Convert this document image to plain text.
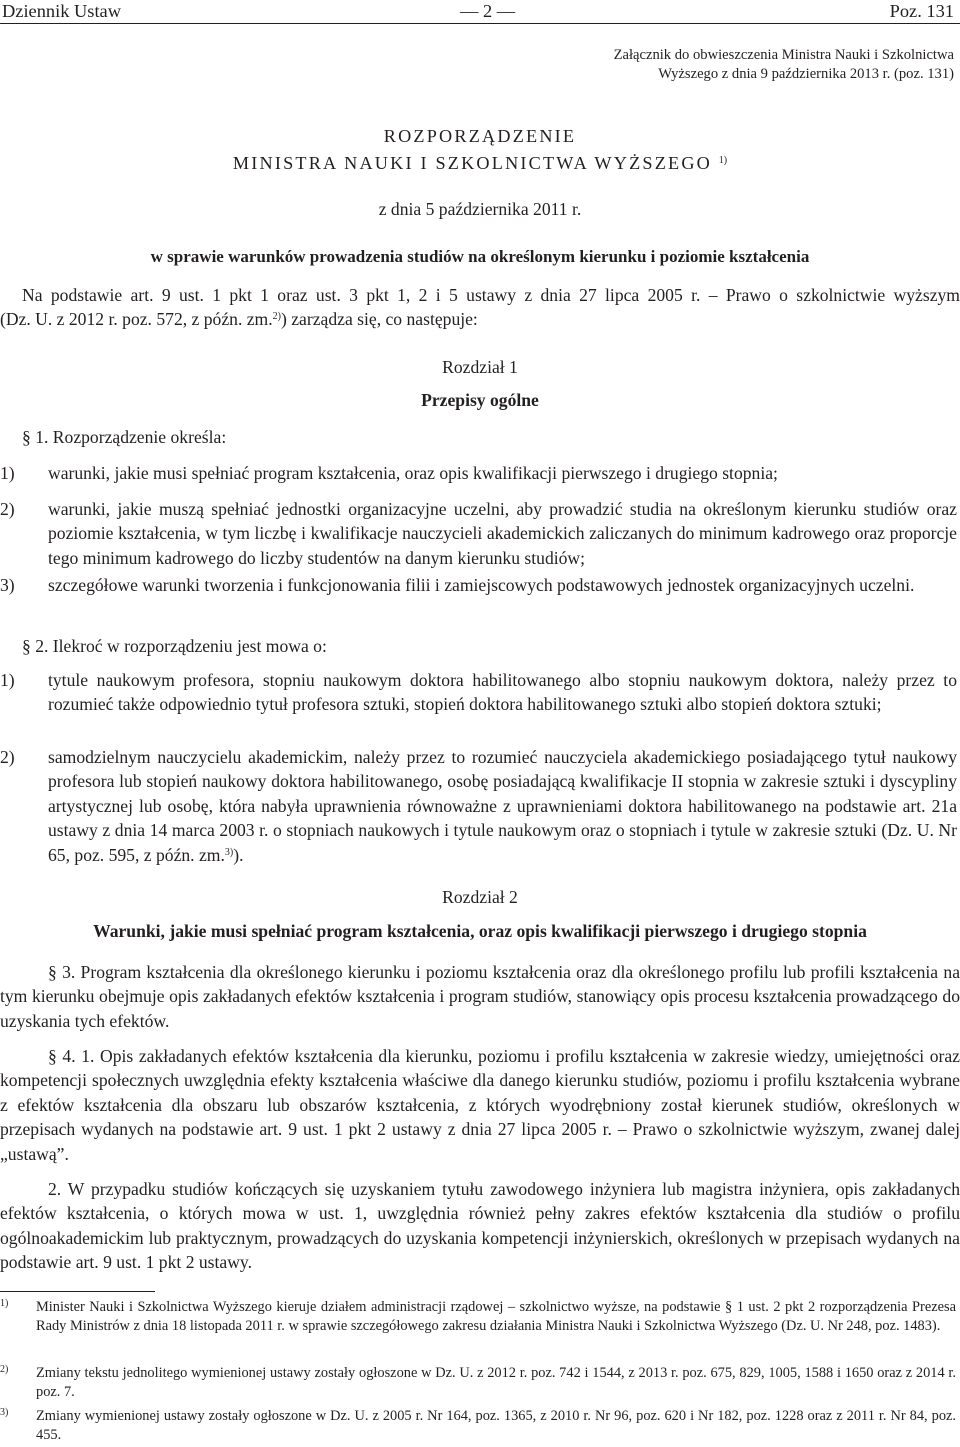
Dziennik Ustaw	— 2 —	Poz. 131
Załącznik do obwieszczenia Ministra Nauki i Szkolnictwa
Wyższego z dnia 9 października 2013 r. (poz. 131)
ROZPORZĄDZENIE
MINISTRA NAUKI I SZKOLNICTWA WYŻSZEGO $^{1)}$
z dnia 5 października 2011 r.
w sprawie warunków prowadzenia studiów na określonym kierunku i poziomie kształcenia
Na podstawie art. 9 ust. 1 pkt 1 oraz ust. 3 pkt 1, 2 i 5 ustawy z dnia 27 lipca 2005 r. – Prawo o szkolnictwie wyższym
(Dz. U. z 2012 r. poz. 572, z późn. zm.$^{2)}$) zarządza się, co następuje:
Rozdział 1
Przepisy ogólne
§ 1. Rozporządzenie określa:
1) warunki, jakie musi spełniać program kształcenia, oraz opis kwalifikacji pierwszego i drugiego stopnia;
2) warunki, jakie muszą spełniać jednostki organizacyjne uczelni, aby prowadzić studia na określonym kierunku studiów oraz poziomie kształcenia, w tym liczbę i kwalifikacje nauczycieli akademickich zaliczanych do minimum kadrowego oraz proporcje tego minimum kadrowego do liczby studentów na danym kierunku studiów;
3) szczegółowe warunki tworzenia i funkcjonowania filii i zamiejscowych podstawowych jednostek organizacyjnych uczelni.
§ 2. Ilekroć w rozporządzeniu jest mowa o:
1) tytule naukowym profesora, stopniu naukowym doktora habilitowanego albo stopniu naukowym doktora, należy przez to rozumieć także odpowiednio tytuł profesora sztuki, stopień doktora habilitowanego sztuki albo stopień doktora sztuki;
2) samodzielnym nauczycielu akademickim, należy przez to rozumieć nauczyciela akademickiego posiadającego tytuł naukowy profesora lub stopień naukowy doktora habilitowanego, osobę posiadającą kwalifikacje II stopnia w zakresie sztuki i dyscypliny artystycznej lub osobę, która nabyła uprawnienia równoważne z uprawnieniami doktora habilitowanego na podstawie art. 21a ustawy z dnia 14 marca 2003 r. o stopniach naukowych i tytule naukowym oraz o stopniach i tytule w zakresie sztuki (Dz. U. Nr 65, poz. 595, z późn. zm.$^{3)}$).
Rozdział 2
Warunki, jakie musi spełniać program kształcenia, oraz opis kwalifikacji pierwszego i drugiego stopnia
§ 3. Program kształcenia dla określonego kierunku i poziomu kształcenia oraz dla określonego profilu lub profili kształcenia na tym kierunku obejmuje opis zakładanych efektów kształcenia i program studiów, stanowiący opis procesu kształcenia prowadzącego do uzyskania tych efektów.
§ 4. 1. Opis zakładanych efektów kształcenia dla kierunku, poziomu i profilu kształcenia w zakresie wiedzy, umiejętności oraz kompetencji społecznych uwzględnia efekty kształcenia właściwe dla danego kierunku studiów, poziomu i profilu kształcenia wybrane z efektów kształcenia dla obszaru lub obszarów kształcenia, z których wyodrębniony został kierunek studiów, określonych w przepisach wydanych na podstawie art. 9 ust. 1 pkt 2 ustawy z dnia 27 lipca 2005 r. – Prawo o szkolnictwie wyższym, zwanej dalej „ustawą”.
2. W przypadku studiów kończących się uzyskaniem tytułu zawodowego inżyniera lub magistra inżyniera, opis zakładanych efektów kształcenia, o których mowa w ust. 1, uwzględnia również pełny zakres efektów kształcenia dla studiów o profilu ogólnoakademickim lub praktycznym, prowadzących do uzyskania kompetencji inżynierskich, określonych w przepisach wydanych na podstawie art. 9 ust. 1 pkt 2 ustawy.
1) Minister Nauki i Szkolnictwa Wyższego kieruje działem administracji rządowej – szkolnictwo wyższe, na podstawie § 1 ust. 2 pkt 2 rozporządzenia Prezesa Rady Ministrów z dnia 18 listopada 2011 r. w sprawie szczegółowego zakresu działania Ministra Nauki i Szkolnictwa Wyższego (Dz. U. Nr 248, poz. 1483).
2) Zmiany tekstu jednolitego wymienionej ustawy zostały ogłoszone w Dz. U. z 2012 r. poz. 742 i 1544, z 2013 r. poz. 675, 829, 1005, 1588 i 1650 oraz z 2014 r. poz. 7.
3) Zmiany wymienionej ustawy zostały ogłoszone w Dz. U. z 2005 r. Nr 164, poz. 1365, z 2010 r. Nr 96, poz. 620 i Nr 182, poz. 1228 oraz z 2011 r. Nr 84, poz. 455.
